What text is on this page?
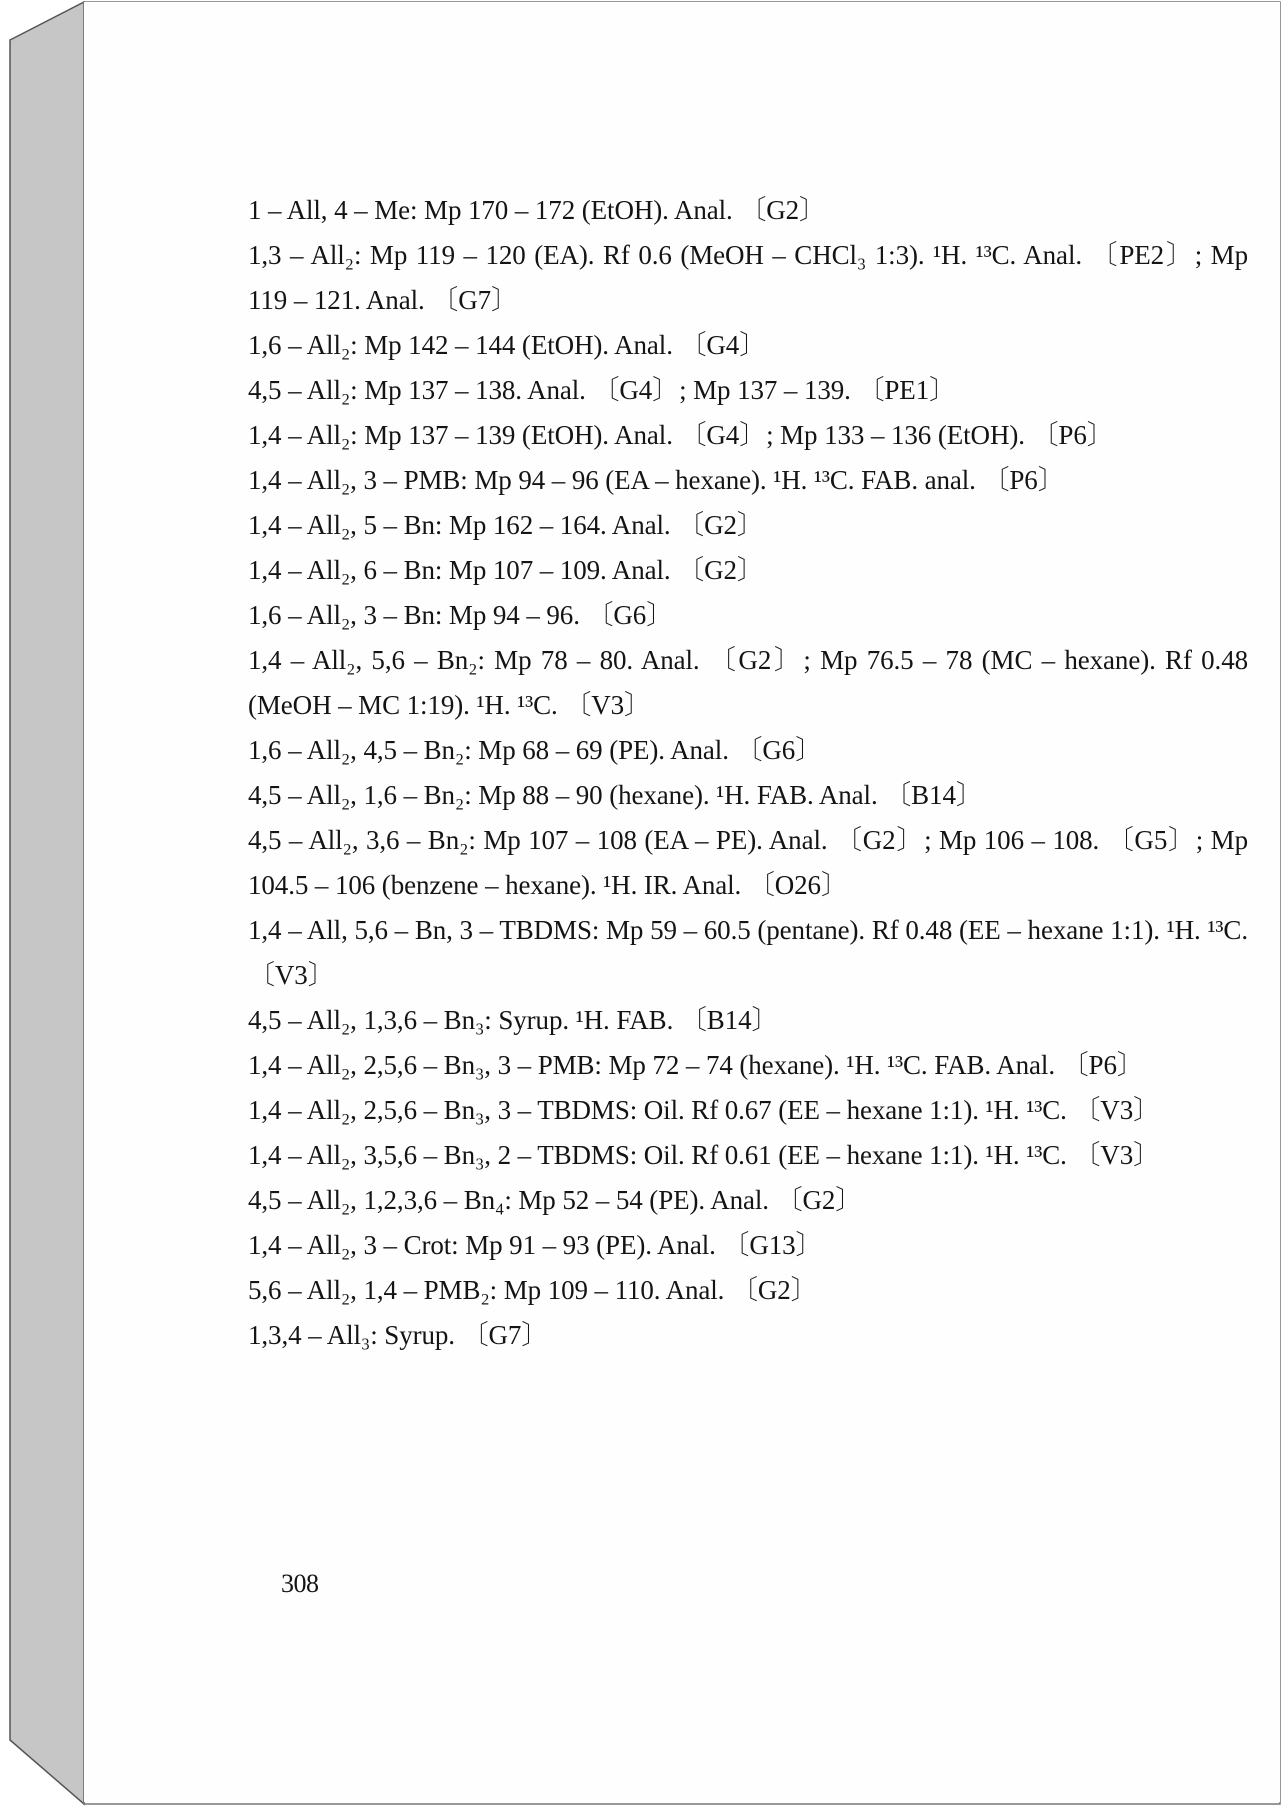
1 – All, 4 – Me: Mp 170 – 172 (EtOH). Anal. 〔G2〕

1,3 – All₂: Mp 119 – 120 (EA). Rf 0.6 (MeOH – CHCl₃ 1:3). ¹H. ¹³C. Anal. 〔PE2〕; Mp 119 – 121. Anal. 〔G7〕

1,6 – All₂: Mp 142 – 144 (EtOH). Anal. 〔G4〕

4,5 – All₂: Mp 137 – 138. Anal. 〔G4〕; Mp 137 – 139. 〔PE1〕

1,4 – All₂: Mp 137 – 139 (EtOH). Anal. 〔G4〕; Mp 133 – 136 (EtOH). 〔P6〕

1,4 – All₂, 3 – PMB: Mp 94 – 96 (EA – hexane). ¹H. ¹³C. FAB. anal. 〔P6〕

1,4 – All₂, 5 – Bn: Mp 162 – 164. Anal. 〔G2〕

1,4 – All₂, 6 – Bn: Mp 107 – 109. Anal. 〔G2〕

1,6 – All₂, 3 – Bn: Mp 94 – 96. 〔G6〕

1,4 – All₂, 5,6 – Bn₂: Mp 78 – 80. Anal. 〔G2〕; Mp 76.5 – 78 (MC – hexane). Rf 0.48 (MeOH – MC 1:19). ¹H. ¹³C. 〔V3〕

1,6 – All₂, 4,5 – Bn₂: Mp 68 – 69 (PE). Anal. 〔G6〕

4,5 – All₂, 1,6 – Bn₂: Mp 88 – 90 (hexane). ¹H. FAB. Anal. 〔B14〕

4,5 – All₂, 3,6 – Bn₂: Mp 107 – 108 (EA – PE). Anal. 〔G2〕; Mp 106 – 108. 〔G5〕; Mp 104.5 – 106 (benzene – hexane). ¹H. IR. Anal. 〔O26〕

1,4 – All, 5,6 – Bn, 3 – TBDMS: Mp 59 – 60.5 (pentane). Rf 0.48 (EE – hexane 1:1). ¹H. ¹³C. 〔V3〕

4,5 – All₂, 1,3,6 – Bn₃: Syrup. ¹H. FAB. 〔B14〕

1,4 – All₂, 2,5,6 – Bn₃, 3 – PMB: Mp 72 – 74 (hexane). ¹H. ¹³C. FAB. Anal. 〔P6〕

1,4 – All₂, 2,5,6 – Bn₃, 3 – TBDMS: Oil. Rf 0.67 (EE – hexane 1:1). ¹H. ¹³C. 〔V3〕

1,4 – All₂, 3,5,6 – Bn₃, 2 – TBDMS: Oil. Rf 0.61 (EE – hexane 1:1). ¹H. ¹³C. 〔V3〕

4,5 – All₂, 1,2,3,6 – Bn₄: Mp 52 – 54 (PE). Anal. 〔G2〕

1,4 – All₂, 3 – Crot: Mp 91 – 93 (PE). Anal. 〔G13〕

5,6 – All₂, 1,4 – PMB₂: Mp 109 – 110. Anal. 〔G2〕

1,3,4 – All₃: Syrup. 〔G7〕

308
